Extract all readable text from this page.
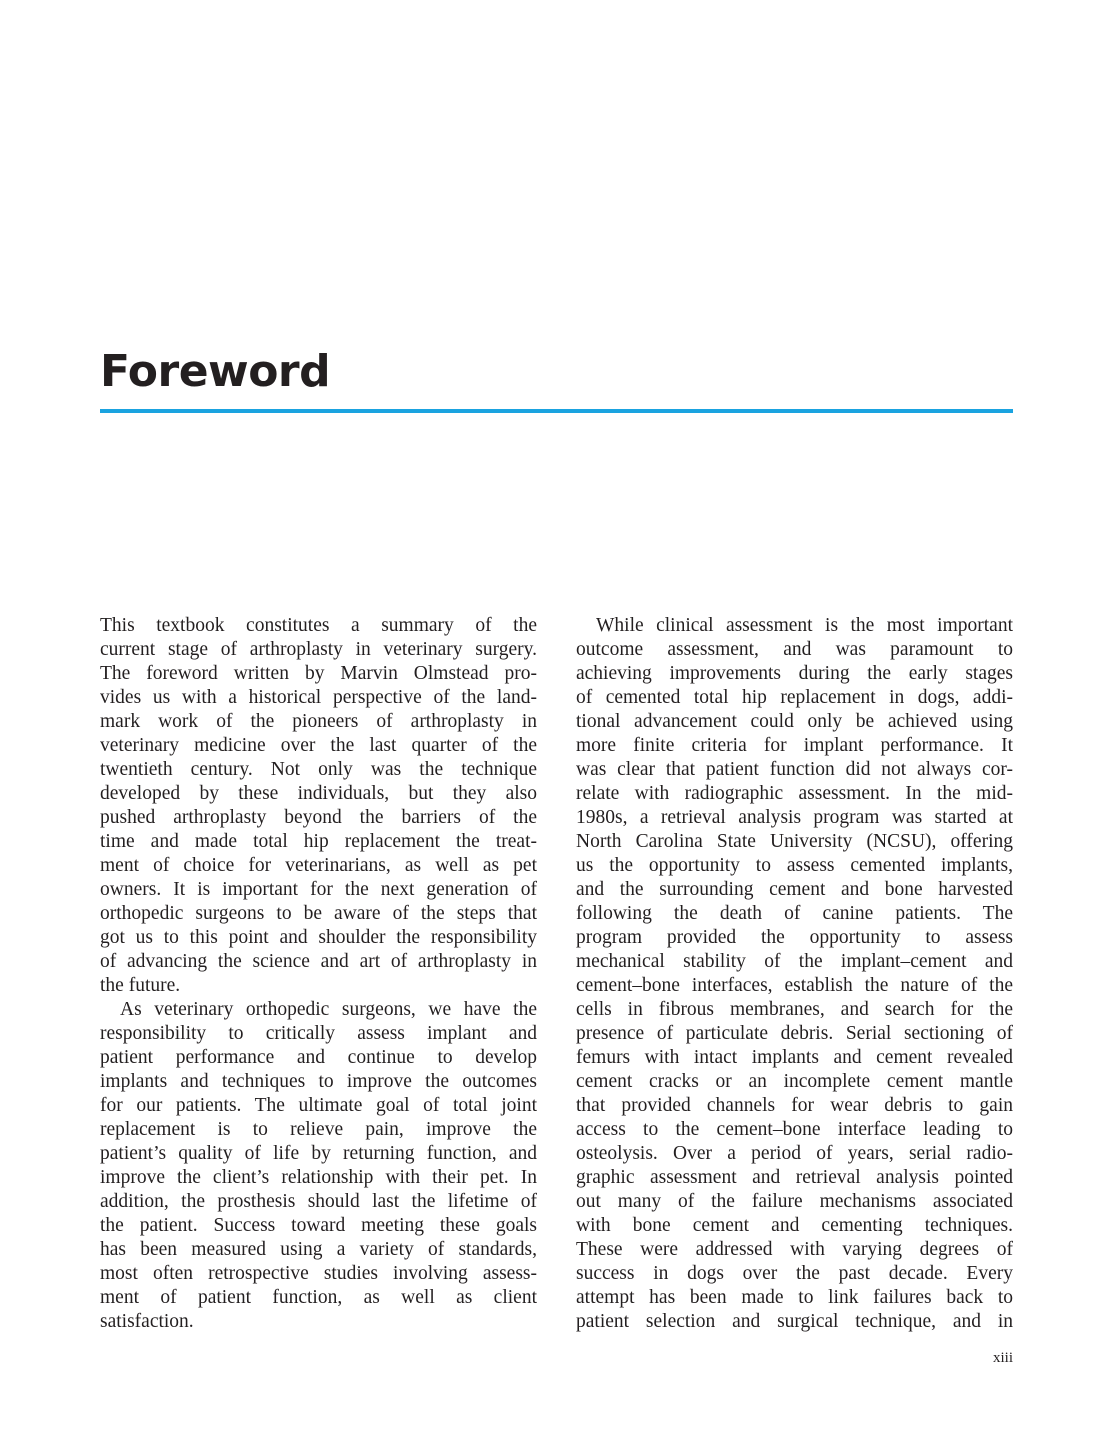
Foreword

This textbook constitutes a summary of the
current stage of arthroplasty in veterinary surgery.
The foreword written by Marvin Olmstead pro-
vides us with a historical perspective of the land-
mark work of the pioneers of arthroplasty in
veterinary medicine over the last quarter of the
twentieth century. Not only was the technique
developed by these individuals, but they also
pushed arthroplasty beyond the barriers of the
time and made total hip replacement the treat-
ment of choice for veterinarians, as well as pet
owners. It is important for the next generation of
orthopedic surgeons to be aware of the steps that
got us to this point and shoulder the responsibility
of advancing the science and art of arthroplasty in
the future.

As veterinary orthopedic surgeons, we have the
responsibility to critically assess implant and
patient performance and continue to develop
implants and techniques to improve the outcomes
for our patients. The ultimate goal of total joint
replacement is to relieve pain, improve the
patient’s quality of life by returning function, and
improve the client’s relationship with their pet. In
addition, the prosthesis should last the lifetime of
the patient. Success toward meeting these goals
has been measured using a variety of standards,
most often retrospective studies involving assess-
ment of patient function, as well as client
satisfaction.

While clinical assessment is the most important
outcome assessment, and was paramount to
achieving improvements during the early stages
of cemented total hip replacement in dogs, addi-
tional advancement could only be achieved using
more finite criteria for implant performance. It
was clear that patient function did not always cor-
relate with radiographic assessment. In the mid-
1980s, a retrieval analysis program was started at
North Carolina State University (NCSU), offering
us the opportunity to assess cemented implants,
and the surrounding cement and bone harvested
following the death of canine patients. The
program provided the opportunity to assess
mechanical stability of the implant–cement and
cement–bone interfaces, establish the nature of the
cells in fibrous membranes, and search for the
presence of particulate debris. Serial sectioning of
femurs with intact implants and cement revealed
cement cracks or an incomplete cement mantle
that provided channels for wear debris to gain
access to the cement–bone interface leading to
osteolysis. Over a period of years, serial radio-
graphic assessment and retrieval analysis pointed
out many of the failure mechanisms associated
with bone cement and cementing techniques.
These were addressed with varying degrees of
success in dogs over the past decade. Every
attempt has been made to link failures back to
patient selection and surgical technique, and in

xiii
